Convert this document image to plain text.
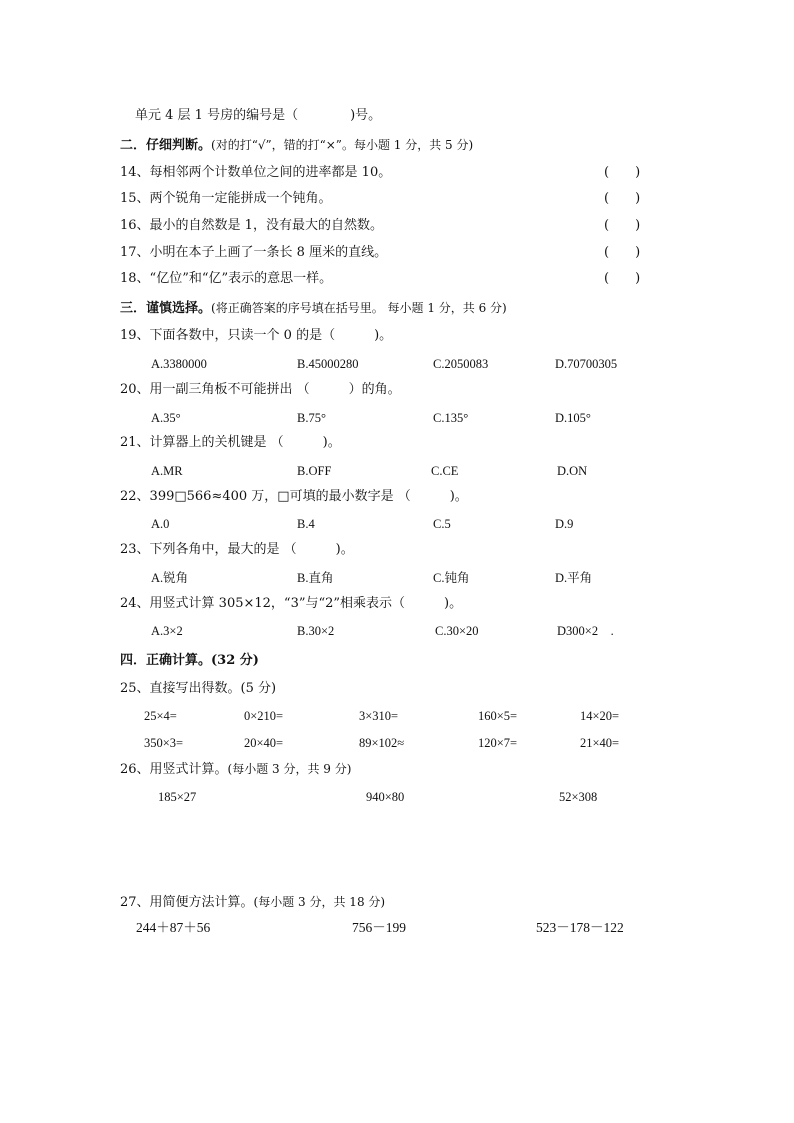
单元 4 层 1 号房的编号是（　　　　)号。
二．仔细判断。(对的打“√”，错的打“×”。每小题 1 分，共 5 分)
14、每相邻两个计数单位之间的进率都是 10。	(　　)
15、两个锐角一定能拼成一个钝角。	(　　)
16、最小的自然数是 1，没有最大的自然数。	(　　)
17、小明在本子上画了一条长 8 厘米的直线。	(　　)
18、“亿位”和“亿”表示的意思一样。	(　　)
三．谨慎选择。(将正确答案的序号填在括号里。 每小题 1 分，共 6 分)
19、下面各数中，只读一个 0 的是（　　　)。
A.3380000	B.45000280	C.2050083	D.70700305
20、用一副三角板不可能拼出 （　　　）的角。
A.35°	B.75°	C.135°	D.105°
21、计算器上的关机键是 （　　　)。
A.MR	B.OFF	C.CE	D.ON
22、399□566≈400 万，□可填的最小数字是 （　　　)。
A.0	B.4	C.5	D.9
23、下列各角中，最大的是 （　　　)。
A.锐角	B.直角	C.钝角	D.平角
24、用竖式计算 305×12，“3”与“2”相乘表示（　　　)。
A.3×2	B.30×2	C.30×20	D300×2　.
四．正确计算。(32 分)
25、直接写出得数。(5 分)
25×4=	0×210=	3×310=	160×5=	14×20=
350×3=	20×40=	89×102≈	120×7=	21×40=
26、用竖式计算。(每小题 3 分，共 9 分)
185×27	940×80	52×308
27、用简便方法计算。(每小题 3 分，共 18 分)
244＋87＋56	756－199	523－178－122
